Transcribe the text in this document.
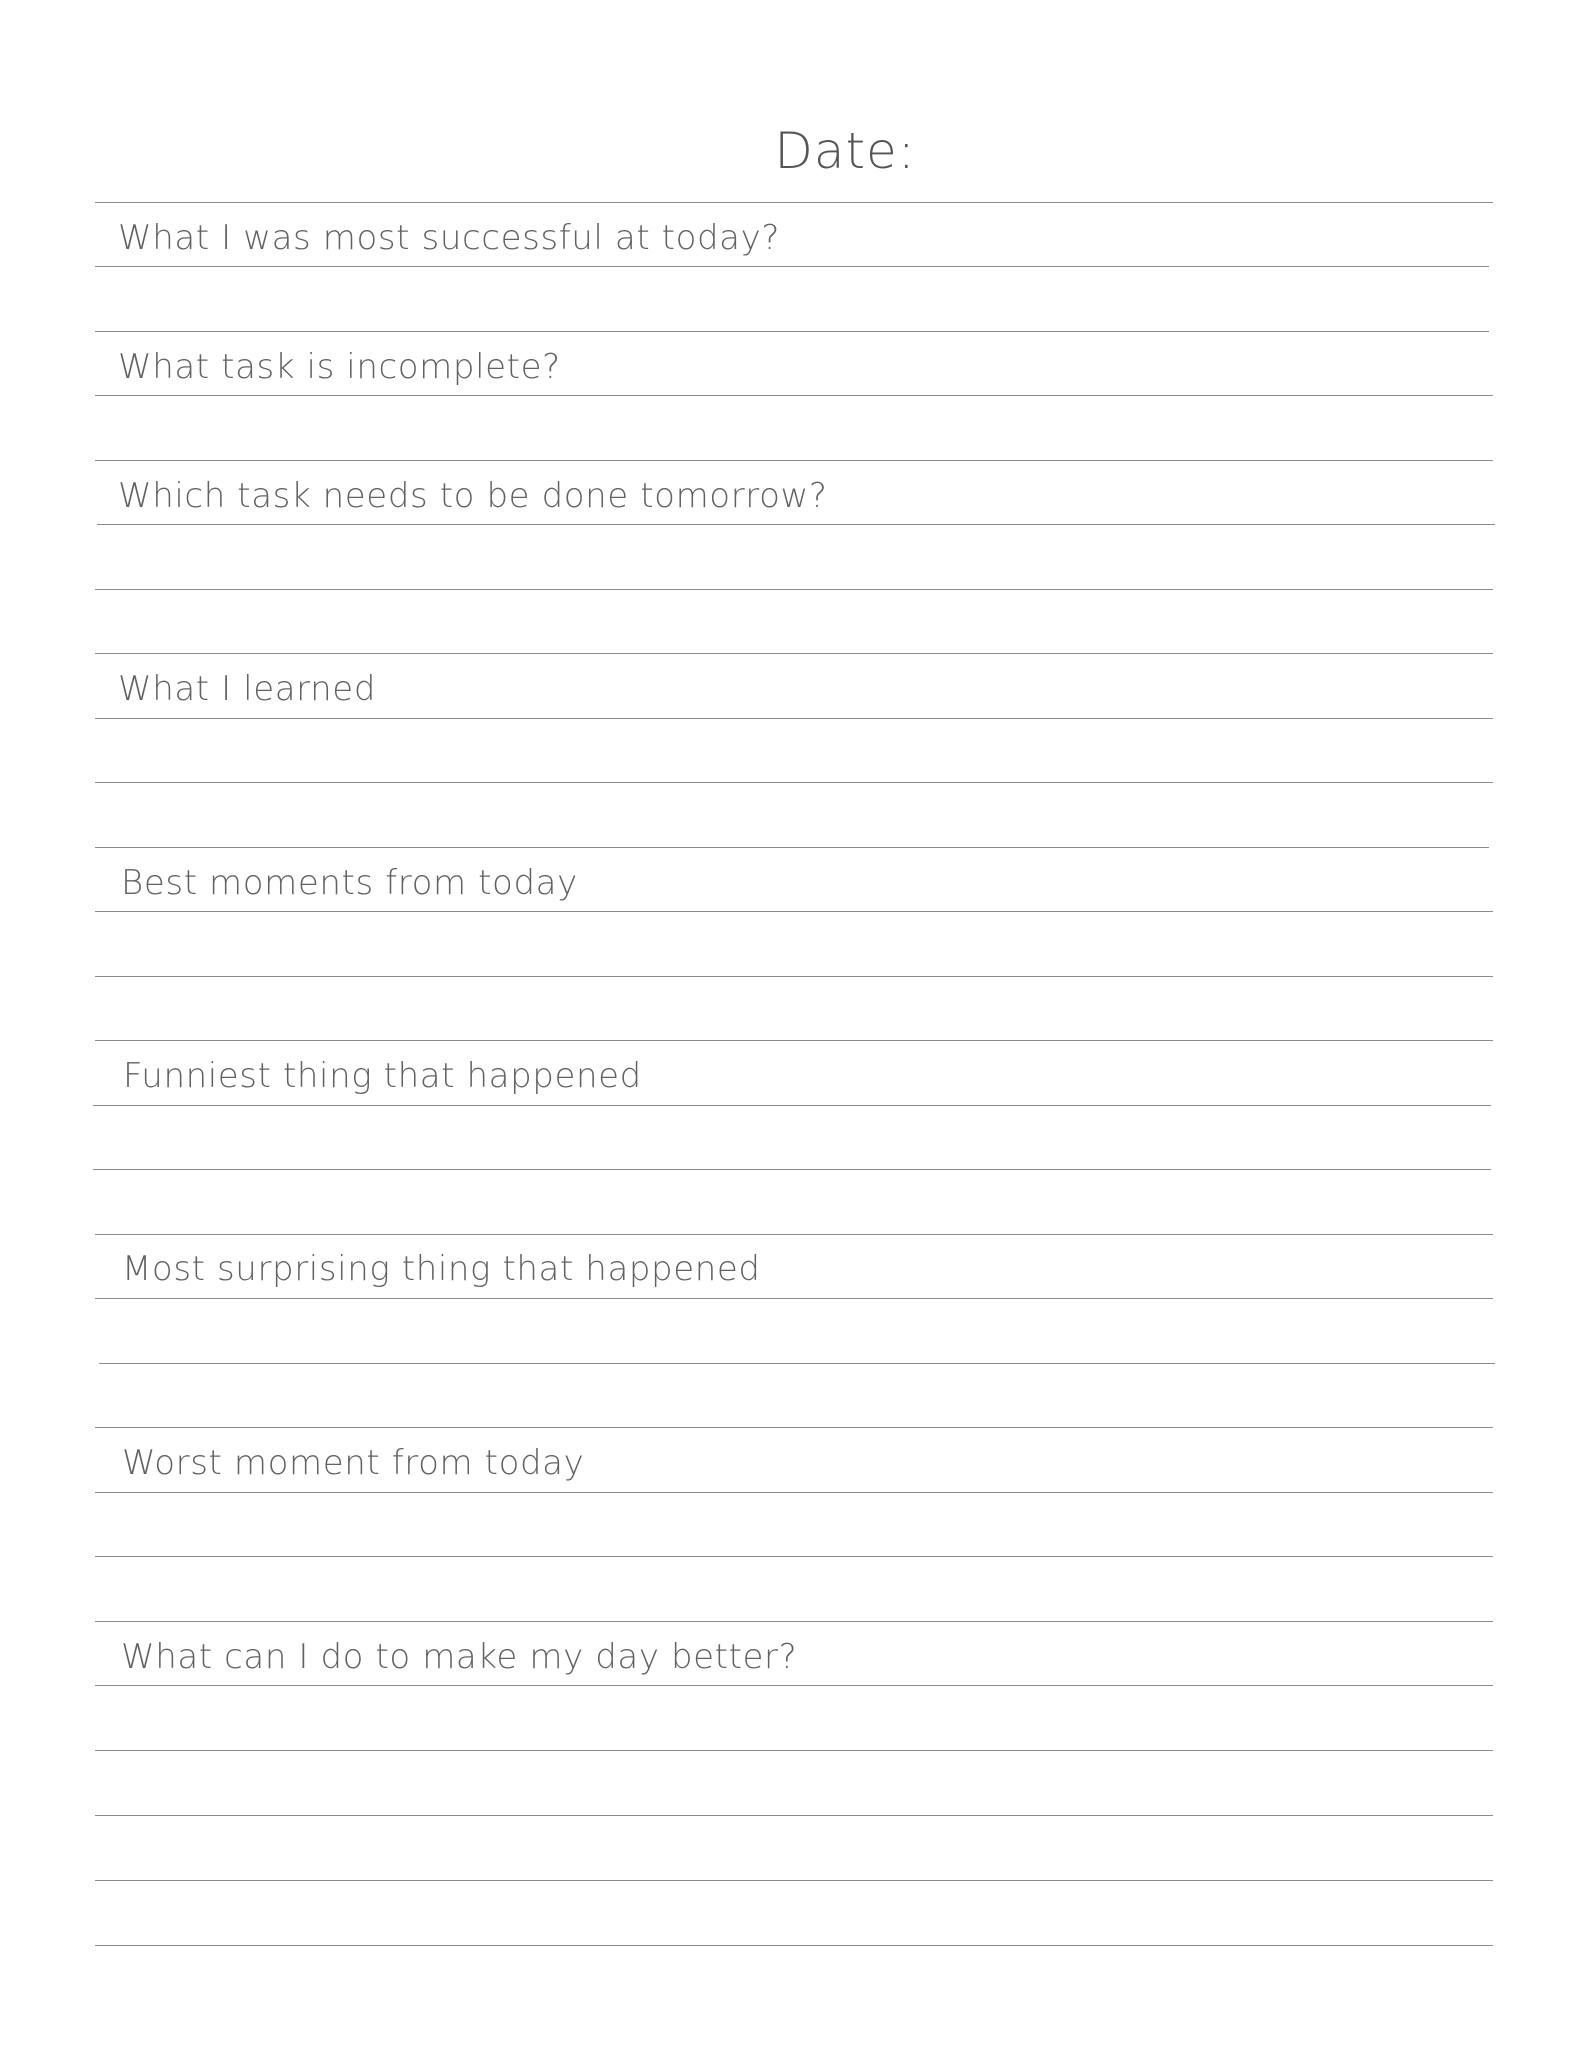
Date:
What I was most successful at today?
What task is incomplete?
Which task needs to be done tomorrow?
What I learned
Best moments from today
Funniest thing that happened
Most surprising thing that happened
Worst moment from today
What can I do to make my day better?
